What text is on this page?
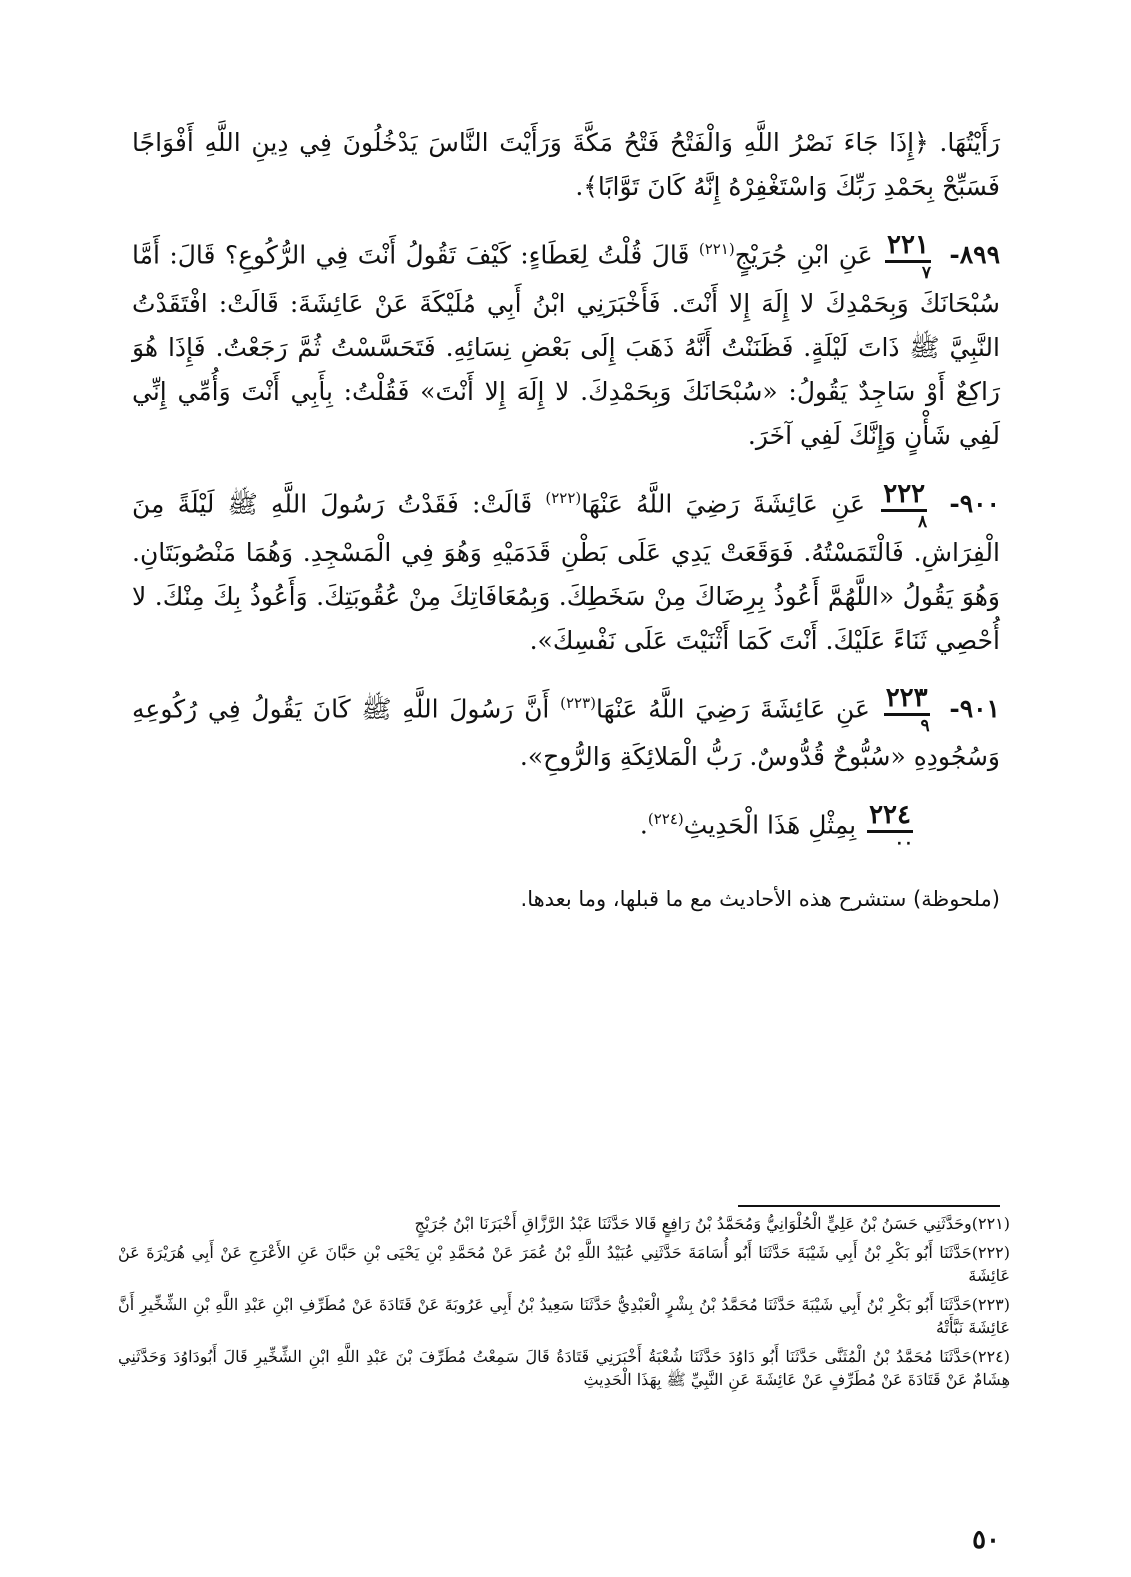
رَأَيْتُهَا. ﴿إِذَا جَاءَ نَصْرُ اللَّهِ وَالْفَتْحُ فَتْحُ مَكَّةَ وَرَأَيْتَ النَّاسَ يَدْخُلُونَ فِي دِينِ اللَّهِ أَفْوَاجًا فَسَبِّحْ بِحَمْدِ رَبِّكَ وَاسْتَغْفِرْهُ إِنَّهُ كَانَ تَوَّابًا﴾.

٨٩٩-
$\frac{٢٢١}{٧}$
عَنِ ابْنِ جُرَيْجٍ$^{(٢٢١)}$ قَالَ قُلْتُ لِعَطَاءٍ: كَيْفَ تَقُولُ أَنْتَ فِي الرُّكُوعِ؟ قَالَ: أَمَّا سُبْحَانَكَ وَبِحَمْدِكَ لا إِلَهَ إِلا أَنْتَ. فَأَخْبَرَنِي ابْنُ أَبِي مُلَيْكَةَ عَنْ عَائِشَةَ: قَالَتْ: افْتَقَدْتُ النَّبِيَّ ﷺ ذَاتَ لَيْلَةٍ. فَظَنَنْتُ أَنَّهُ ذَهَبَ إِلَى بَعْضِ نِسَائِهِ. فَتَحَسَّسْتُ ثُمَّ رَجَعْتُ. فَإِذَا هُوَ رَاكِعٌ أَوْ سَاجِدٌ يَقُولُ: «سُبْحَانَكَ وَبِحَمْدِكَ. لا إِلَهَ إِلا أَنْتَ» فَقُلْتُ: بِأَبِي أَنْتَ وَأُمِّي إِنِّي لَفِي شَأْنٍ وَإِنَّكَ لَفِي آخَرَ.

٩٠٠-
$\frac{٢٢٢}{٨}$
عَنِ عَائِشَةَ رَضِيَ اللَّهُ عَنْهَا$^{(٢٢٢)}$ قَالَتْ: فَقَدْتُ رَسُولَ اللَّهِ ﷺ لَيْلَةً مِنَ الْفِرَاشِ. فَالْتَمَسْتُهُ. فَوَقَعَتْ يَدِي عَلَى بَطْنِ قَدَمَيْهِ وَهُوَ فِي الْمَسْجِدِ. وَهُمَا مَنْصُوبَتَانِ. وَهُوَ يَقُولُ «اللَّهُمَّ أَعُوذُ بِرِضَاكَ مِنْ سَخَطِكَ. وَبِمُعَافَاتِكَ مِنْ عُقُوبَتِكَ. وَأَعُوذُ بِكَ مِنْكَ. لا أُحْصِي ثَنَاءً عَلَيْكَ. أَنْتَ كَمَا أَثْنَيْتَ عَلَى نَفْسِكَ».

٩٠١-
$\frac{٢٢٣}{٩}$
عَنِ عَائِشَةَ رَضِيَ اللَّهُ عَنْهَا$^{(٢٢٣)}$ أَنَّ رَسُولَ اللَّهِ ﷺ كَانَ يَقُولُ فِي رُكُوعِهِ وَسُجُودِهِ «سُبُّوحٌ قُدُّوسٌ. رَبُّ الْمَلائِكَةِ وَالرُّوحِ».

$\frac{٢٢٤}{٠٠}$
بِمِثْلِ هَذَا الْحَدِيثِ$^{(٢٢٤)}$.

(ملحوظة) ستشرح هذه الأحاديث مع ما قبلها، وما بعدها.
(٢٢١)وحَدَّثَنِي حَسَنُ بْنُ عَلِيٍّ الْحُلْوَانِيُّ وَمُحَمَّدُ بْنُ رَافِعٍ قَالا حَدَّثَنَا عَبْدُ الرَّزَّاقِ أَخْبَرَنَا ابْنُ جُرَيْجٍ
(٢٢٢)حَدَّثَنَا أَبُو بَكْرِ بْنُ أَبِي شَيْبَةَ حَدَّثَنَا أَبُو أُسَامَةَ حَدَّثَنِي عُبَيْدُ اللَّهِ بْنُ عُمَرَ عَنْ مُحَمَّدِ بْنِ يَحْيَى بْنِ حَبَّانَ عَنِ الأَعْرَجِ عَنْ أَبِي هُرَيْرَةَ عَنْ عَائِشَةَ
(٢٢٣)حَدَّثَنَا أَبُو بَكْرِ بْنُ أَبِي شَيْبَةَ حَدَّثَنَا مُحَمَّدُ بْنُ بِشْرٍ الْعَبْدِيُّ حَدَّثَنَا سَعِيدُ بْنُ أَبِي عَرُوبَةَ عَنْ قَتَادَةَ عَنْ مُطَرِّفِ ابْنِ عَبْدِ اللَّهِ بْنِ الشِّخِّيرِ أَنَّ عَائِشَةَ نَبَّأَتْهُ
(٢٢٤)حَدَّثَنَا مُحَمَّدُ بْنُ الْمُثَنَّى حَدَّثَنَا أَبُو دَاوُدَ حَدَّثَنَا شُعْبَةُ أَخْبَرَنِي قَتَادَةُ قَالَ سَمِعْتُ مُطَرِّفَ بْنَ عَبْدِ اللَّهِ ابْنِ الشِّخِّيرِ قَالَ أَبُودَاوُدَ وَحَدَّثَنِي هِشَامٌ عَنْ قَتَادَةَ عَنْ مُطَرِّفٍ عَنْ عَائِشَةَ عَنِ النَّبِيِّ ﷺ بِهَذَا الْحَدِيثِ
٥٠
